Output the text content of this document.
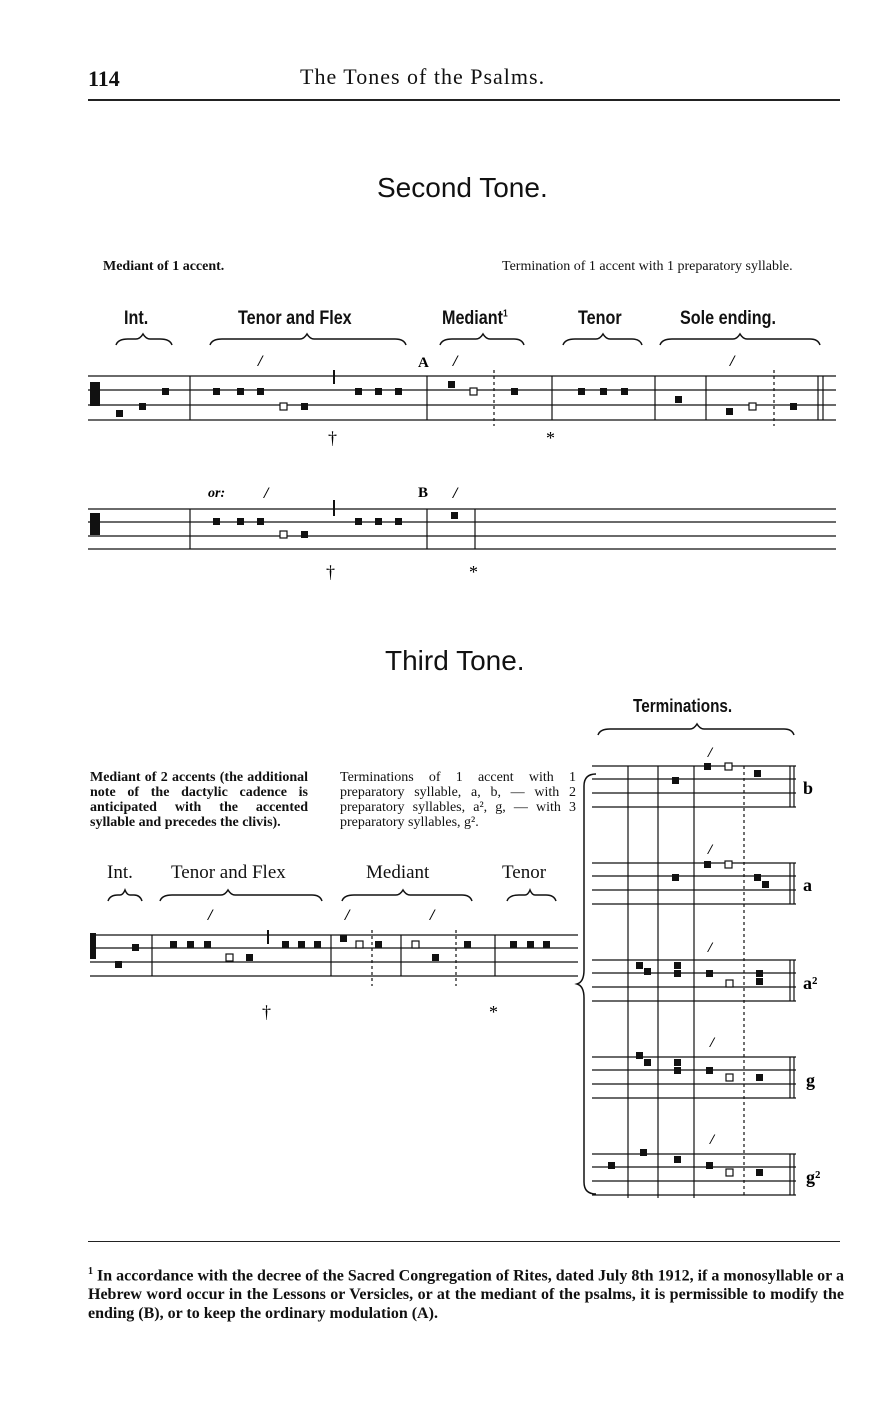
114	The Tones of the Psalms.
Second Tone.
Mediant of 1 accent.	Termination of 1 accent with 1 preparatory syllable.
Int.	Tenor and Flex	Mediant$^1$	Tenor	Sole ending.
/	/	/
A
†	*
or: /	/
B
†	*
Third Tone.
Terminations.
Mediant of 2 accents (the additional note of the dactylic cadence is anticipated with the accented syllable and precedes the clivis).
Terminations of 1 accent with 1 preparatory syllable, a, b, — with 2 preparatory syllables, a², g, — with 3 preparatory syllables, g².
Int. Tenor and Flex	Mediant	Tenor
/	/	/
†	*
/
/
/
/
/
b
a
a²
g
g²
$^1$ In accordance with the decree of the Sacred Congregation of Rites, dated July 8th 1912, if a monosyllable or a Hebrew word occur in the Lessons or Versicles, or at the mediant of the psalms, it is permissible to modify the ending (B), or to keep the ordinary modulation (A).
